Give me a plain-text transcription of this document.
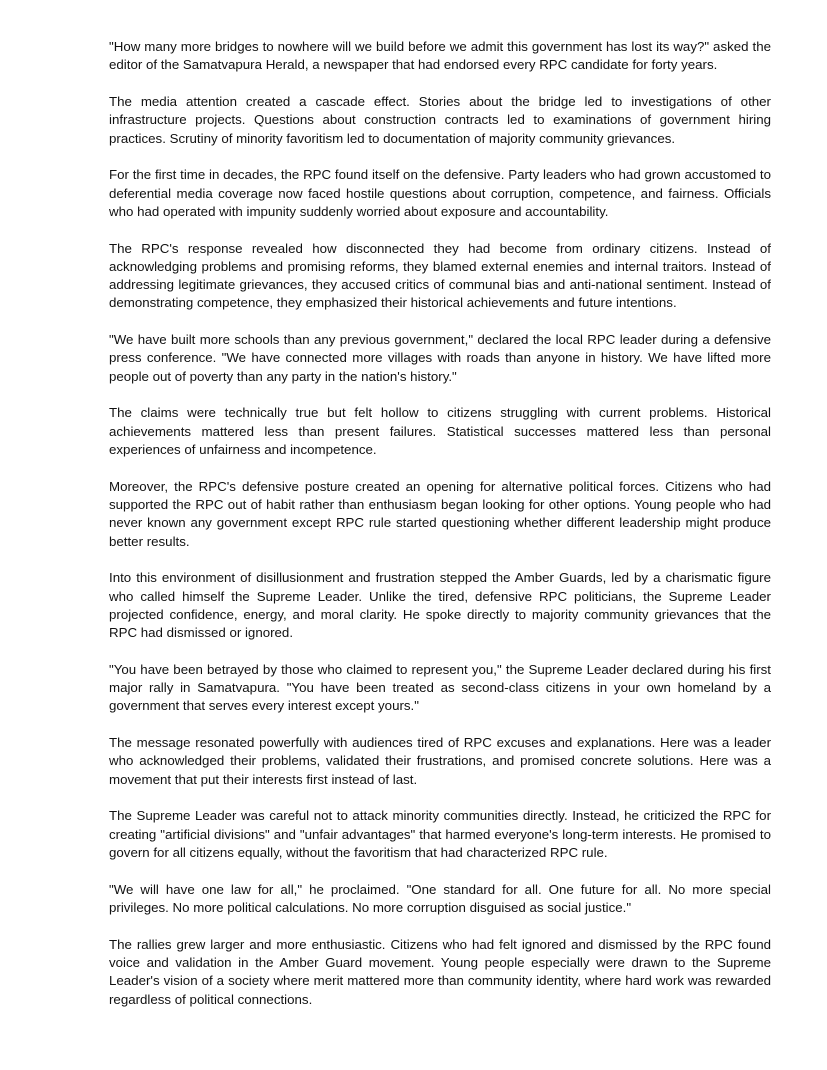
"How many more bridges to nowhere will we build before we admit this government has lost its way?" asked the editor of the Samatvapura Herald, a newspaper that had endorsed every RPC candidate for forty years.

The media attention created a cascade effect. Stories about the bridge led to investigations of other infrastructure projects. Questions about construction contracts led to examinations of government hiring practices. Scrutiny of minority favoritism led to documentation of majority community grievances.

For the first time in decades, the RPC found itself on the defensive. Party leaders who had grown accustomed to deferential media coverage now faced hostile questions about corruption, competence, and fairness. Officials who had operated with impunity suddenly worried about exposure and accountability.

The RPC's response revealed how disconnected they had become from ordinary citizens. Instead of acknowledging problems and promising reforms, they blamed external enemies and internal traitors. Instead of addressing legitimate grievances, they accused critics of communal bias and anti-national sentiment. Instead of demonstrating competence, they emphasized their historical achievements and future intentions.

"We have built more schools than any previous government," declared the local RPC leader during a defensive press conference. "We have connected more villages with roads than anyone in history. We have lifted more people out of poverty than any party in the nation's history."

The claims were technically true but felt hollow to citizens struggling with current problems. Historical achievements mattered less than present failures. Statistical successes mattered less than personal experiences of unfairness and incompetence.

Moreover, the RPC's defensive posture created an opening for alternative political forces. Citizens who had supported the RPC out of habit rather than enthusiasm began looking for other options. Young people who had never known any government except RPC rule started questioning whether different leadership might produce better results.

Into this environment of disillusionment and frustration stepped the Amber Guards, led by a charismatic figure who called himself the Supreme Leader. Unlike the tired, defensive RPC politicians, the Supreme Leader projected confidence, energy, and moral clarity. He spoke directly to majority community grievances that the RPC had dismissed or ignored.

"You have been betrayed by those who claimed to represent you," the Supreme Leader declared during his first major rally in Samatvapura. "You have been treated as second-class citizens in your own homeland by a government that serves every interest except yours."

The message resonated powerfully with audiences tired of RPC excuses and explanations. Here was a leader who acknowledged their problems, validated their frustrations, and promised concrete solutions. Here was a movement that put their interests first instead of last.

The Supreme Leader was careful not to attack minority communities directly. Instead, he criticized the RPC for creating "artificial divisions" and "unfair advantages" that harmed everyone's long-term interests. He promised to govern for all citizens equally, without the favoritism that had characterized RPC rule.

"We will have one law for all," he proclaimed. "One standard for all. One future for all. No more special privileges. No more political calculations. No more corruption disguised as social justice."

The rallies grew larger and more enthusiastic. Citizens who had felt ignored and dismissed by the RPC found voice and validation in the Amber Guard movement. Young people especially were drawn to the Supreme Leader's vision of a society where merit mattered more than community identity, where hard work was rewarded regardless of political connections.
